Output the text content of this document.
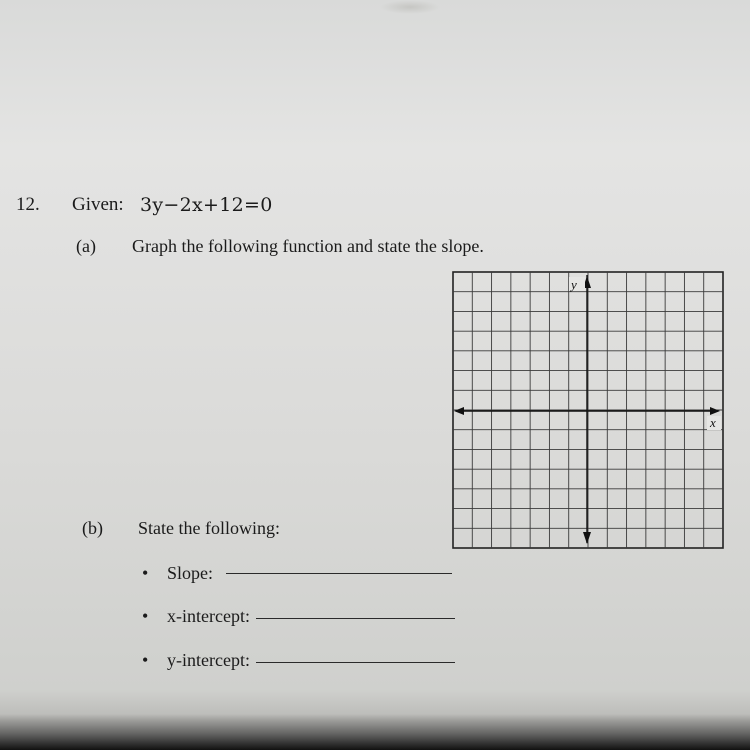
12. Given: 3y−2x+12=0
(a) Graph the following function and state the slope.
y
x
(b) State the following:
• Slope:
• x-intercept:
• y-intercept:
